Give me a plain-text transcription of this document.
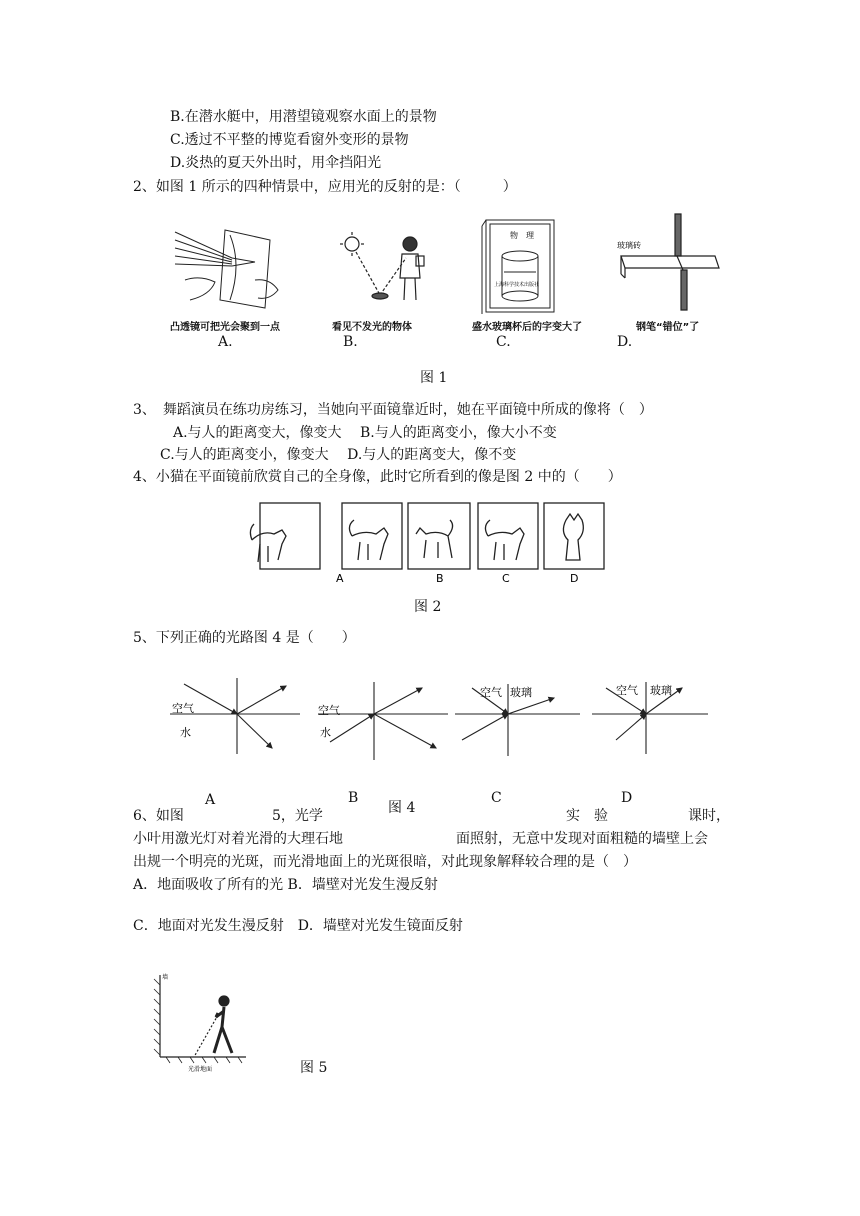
B.在潜水艇中，用潜望镜观察水面上的景物
C.透过不平整的博览看窗外变形的景物
D.炎热的夏天外出时，用伞挡阳光
2、如图 1 所示的四种情景中，应用光的反射的是：（　　　）
凸透镜可把光会聚到一点
A.
看见不发光的物体
B.
物　理
上海科学技术出版社
盛水玻璃杯后的字变大了
C.
玻璃砖
钢笔“错位”了
D.
图 1
3、　舞蹈演员在练功房练习，当她向平面镜靠近时，她在平面镜中所成的像将（　）
A.与人的距离变大，像变大　 B.与人的距离变小，像大小不变
C.与人的距离变小，像变大　 D.与人的距离变大，像不变
4、小猫在平面镜前欣赏自己的全身像，此时它所看到的像是图 2 中的（　　）
A	B	C	D
图 2
5、下列正确的光路图 4 是（　　）
空气
水
空气
水
空气 玻璃	空气 玻璃
A	B	C	D
图 4
6、如图	5，光学	实　验	课时，
小叶用激光灯对着光滑的大理石地	面照射，无意中发现对面粗糙的墙壁上会
出规一个明亮的光斑，而光滑地面上的光斑很暗，对此现象解释较合理的是（　）
A．地面吸收了所有的光 B．墙壁对光发生漫反射
C．地面对光发生漫反射　D．墙壁对光发生镜面反射
墙
光滑地面	图 5
